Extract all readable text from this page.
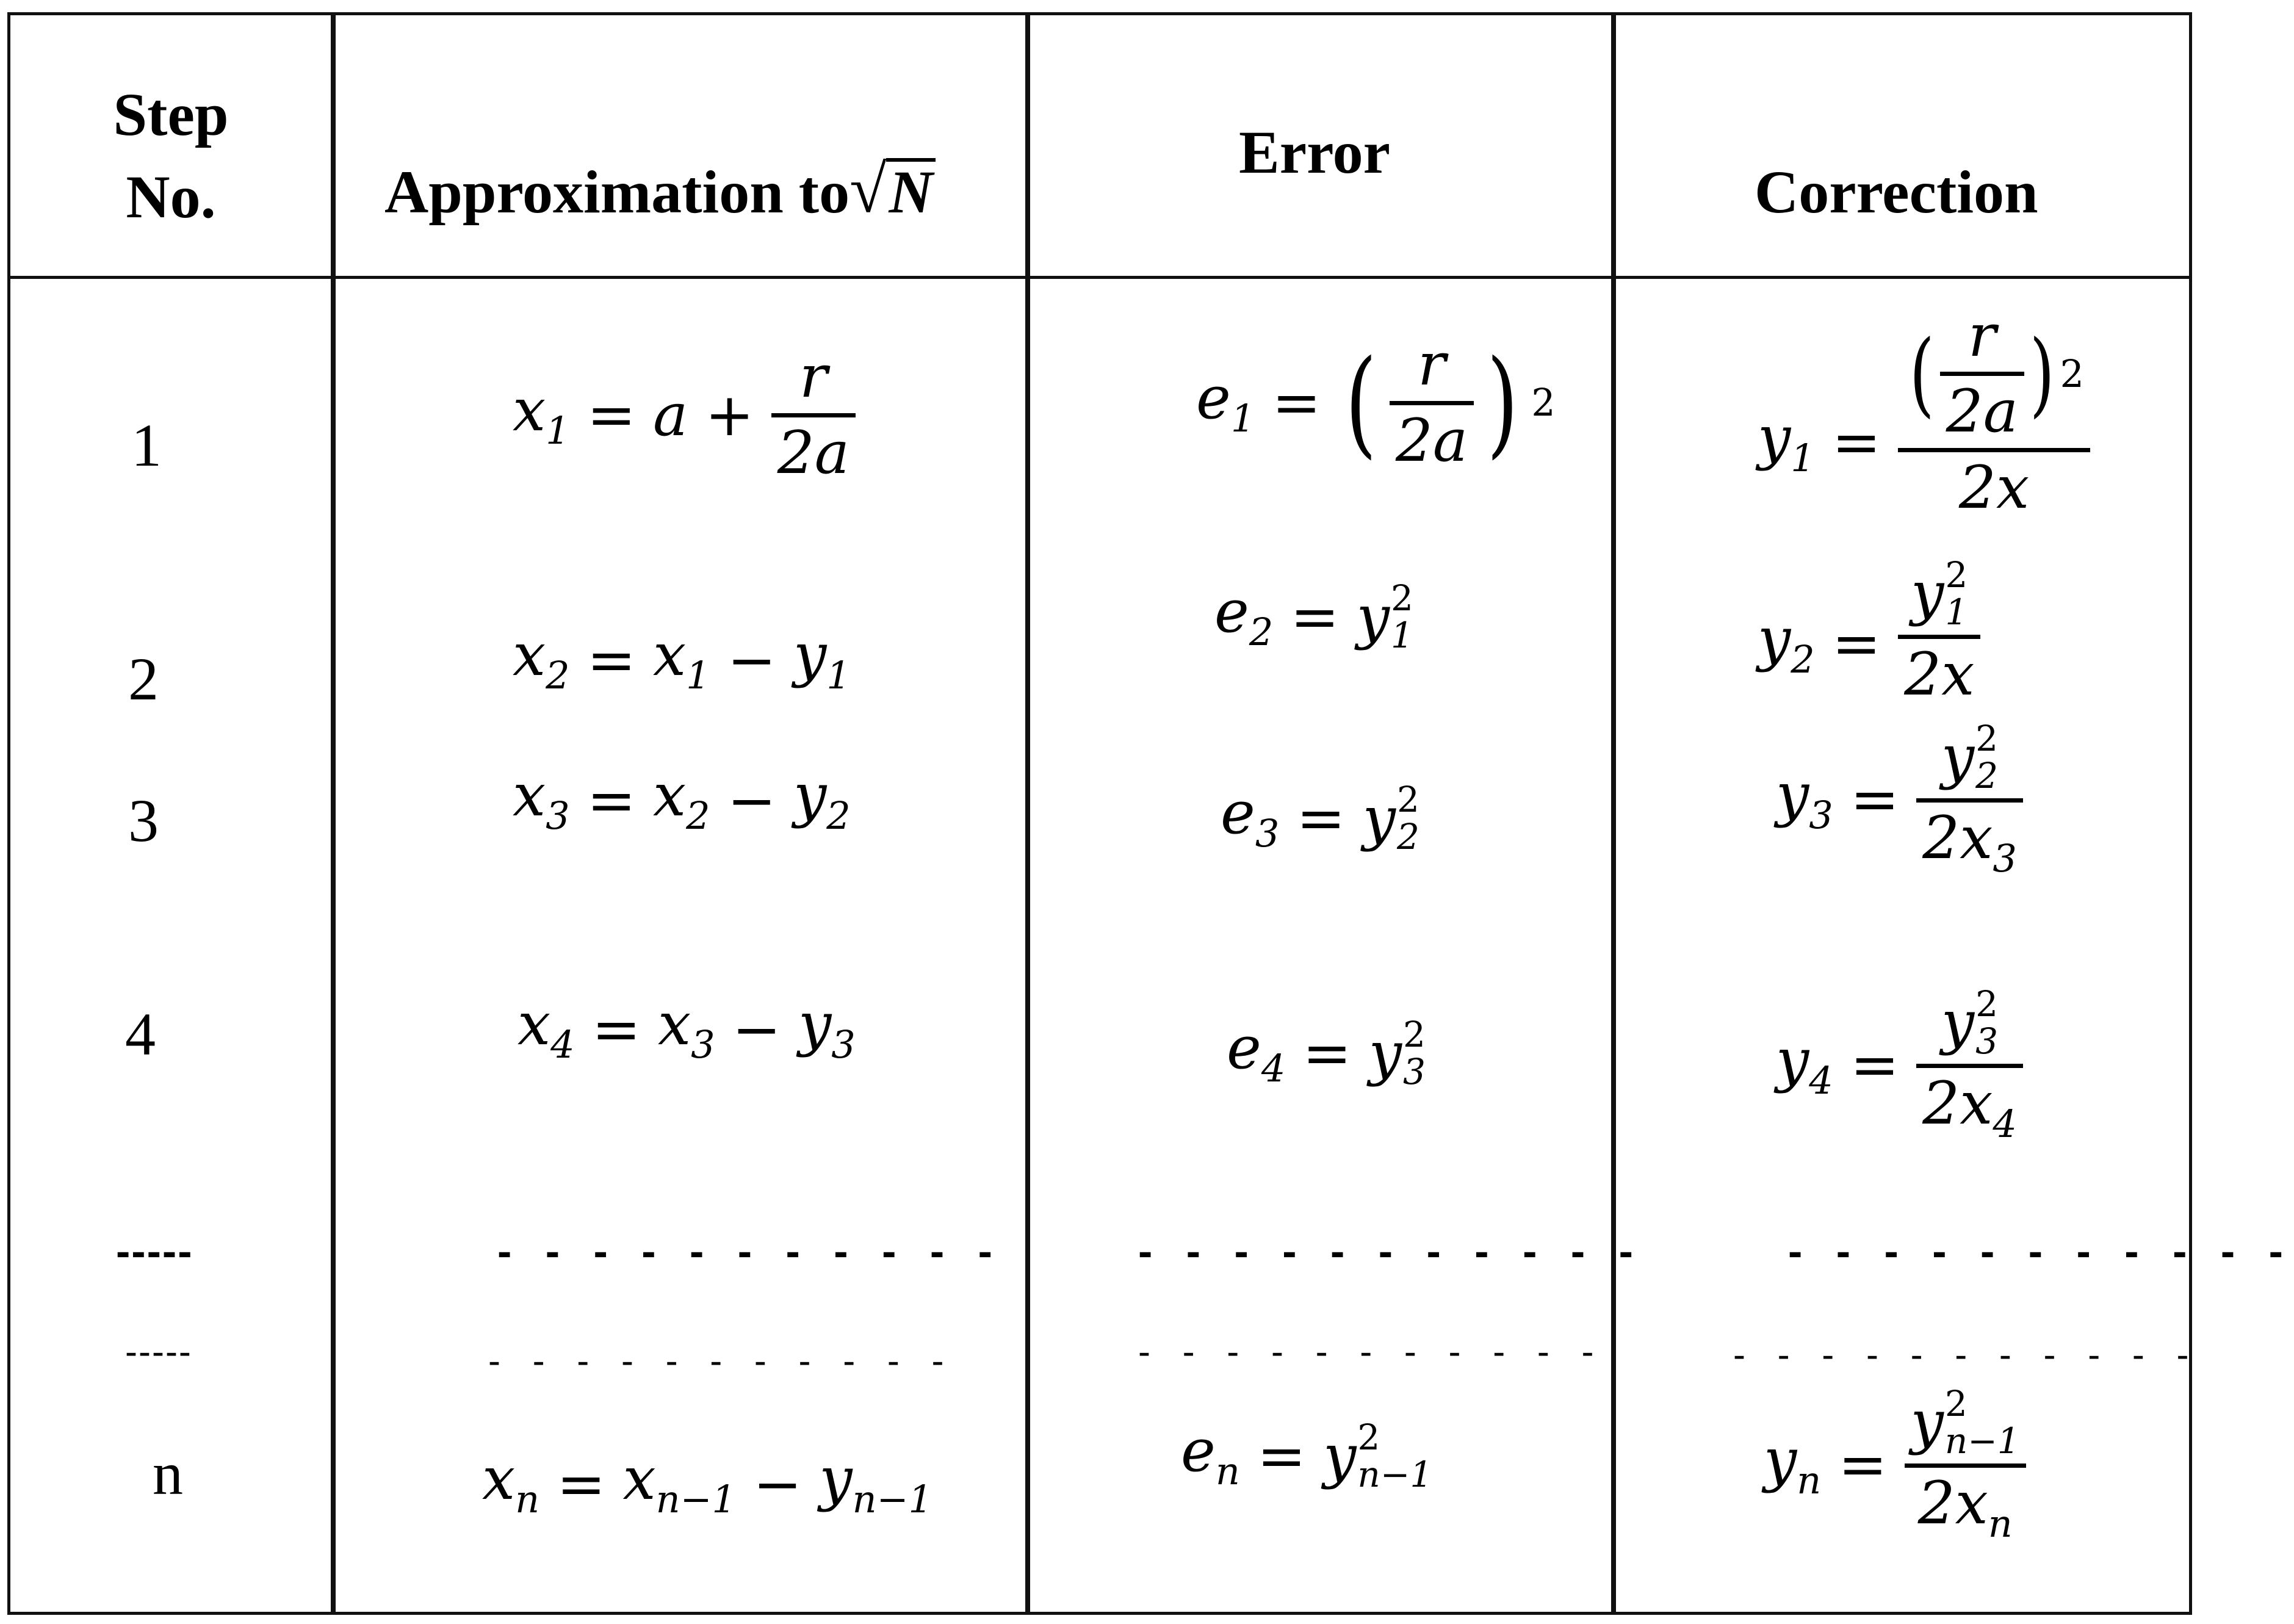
Step
No.	Approximation to √ N
Error
Correction
1
2
3
4
-----
-----
n
$x_1 = a$ +
r
2a
$x_2 = x_1 - y_1$
$x_3 = x_2 - y_2$
$x_4 = x_3 - y_3$
- - - - - - - - - - -
- - - - - - - - - - -
$x_n = x_{n-1} - y_{n-1}$
$e_1$ = ( r
2a ) 2
$e_2 = y$ 2
1
$e_3 = y$ 2
2
$e_4 = y$ 2
3
- - - - - - - - - - -
- - - - - - - - - - -
$e_n = y$ 2
n−1
$y_1$ =
( r
2a ) 2
2x
$y_2$ =
y 2
1
2x
$y_3$ =
y 2
2
$2x_3$
$y_4$ =
y 2
3
$2x_4$
- - - - - - - - - - -
- - - - - - - - - - -
$y_n$ =
y 2
n−1
$2x_n$
